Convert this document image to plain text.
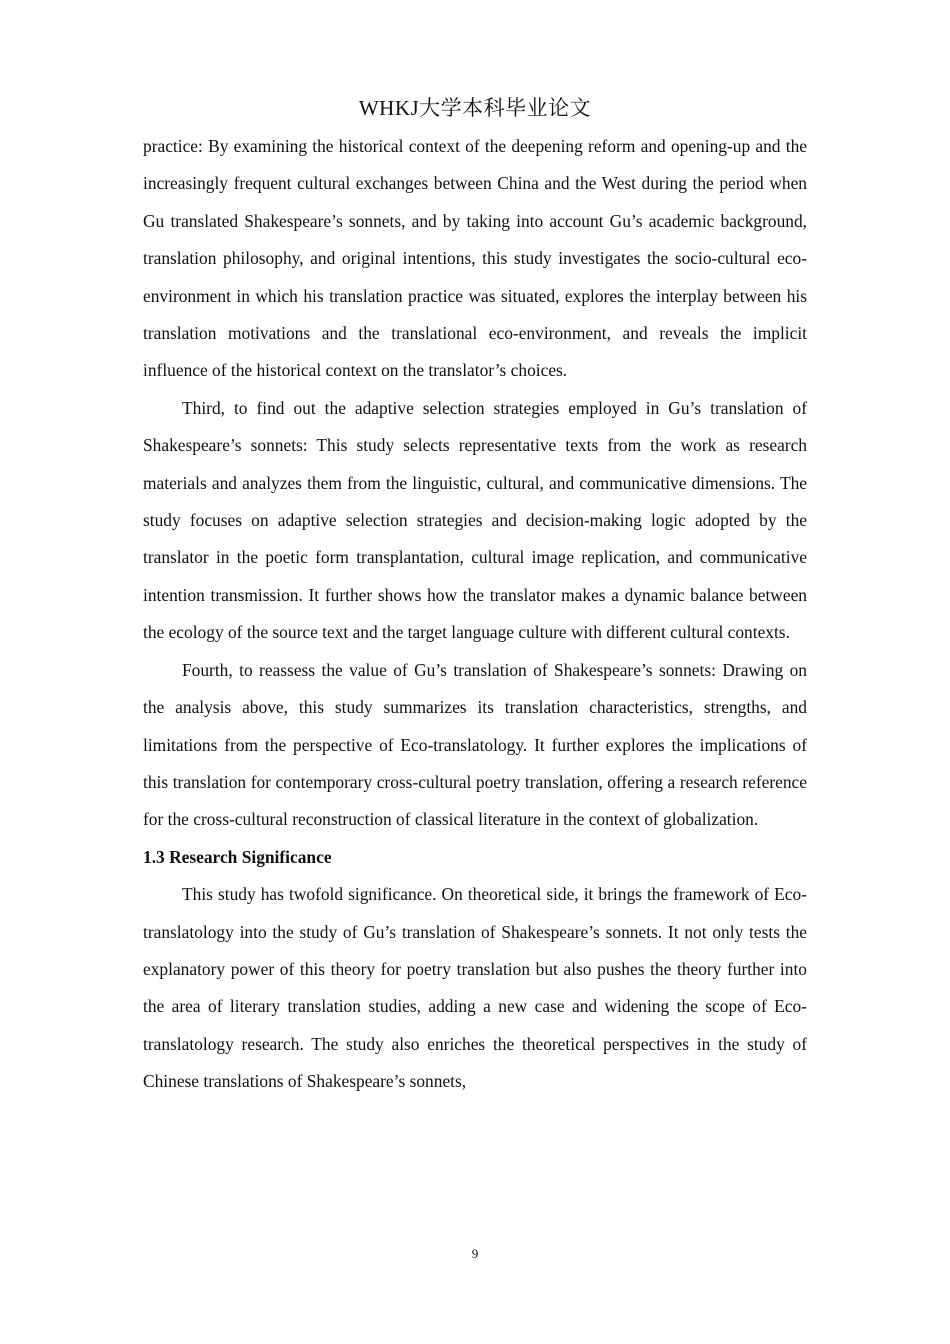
WHKJ大学本科毕业论文

practice: By examining the historical context of the deepening reform and opening-up and the increasingly frequent cultural exchanges between China and the West during the period when Gu translated Shakespeare’s sonnets, and by taking into account Gu’s academic background, translation philosophy, and original intentions, this study investigates the socio-cultural eco-environment in which his translation practice was situated, explores the interplay between his translation motivations and the translational eco-environment, and reveals the implicit influence of the historical context on the translator’s choices.

Third, to find out the adaptive selection strategies employed in Gu’s translation of Shakespeare’s sonnets: This study selects representative texts from the work as research materials and analyzes them from the linguistic, cultural, and communicative dimensions. The study focuses on adaptive selection strategies and decision-making logic adopted by the translator in the poetic form transplantation, cultural image replication, and communicative intention transmission. It further shows how the translator makes a dynamic balance between the ecology of the source text and the target language culture with different cultural contexts.

Fourth, to reassess the value of Gu’s translation of Shakespeare’s sonnets: Drawing on the analysis above, this study summarizes its translation characteristics, strengths, and limitations from the perspective of Eco-translatology. It further explores the implications of this translation for contemporary cross-cultural poetry translation, offering a research reference for the cross-cultural reconstruction of classical literature in the context of globalization.

1.3 Research Significance

This study has twofold significance. On theoretical side, it brings the framework of Eco-translatology into the study of Gu’s translation of Shakespeare’s sonnets. It not only tests the explanatory power of this theory for poetry translation but also pushes the theory further into the area of literary translation studies, adding a new case and widening the scope of Eco-translatology research. The study also enriches the theoretical perspectives in the study of Chinese translations of Shakespeare’s sonnets,

9
